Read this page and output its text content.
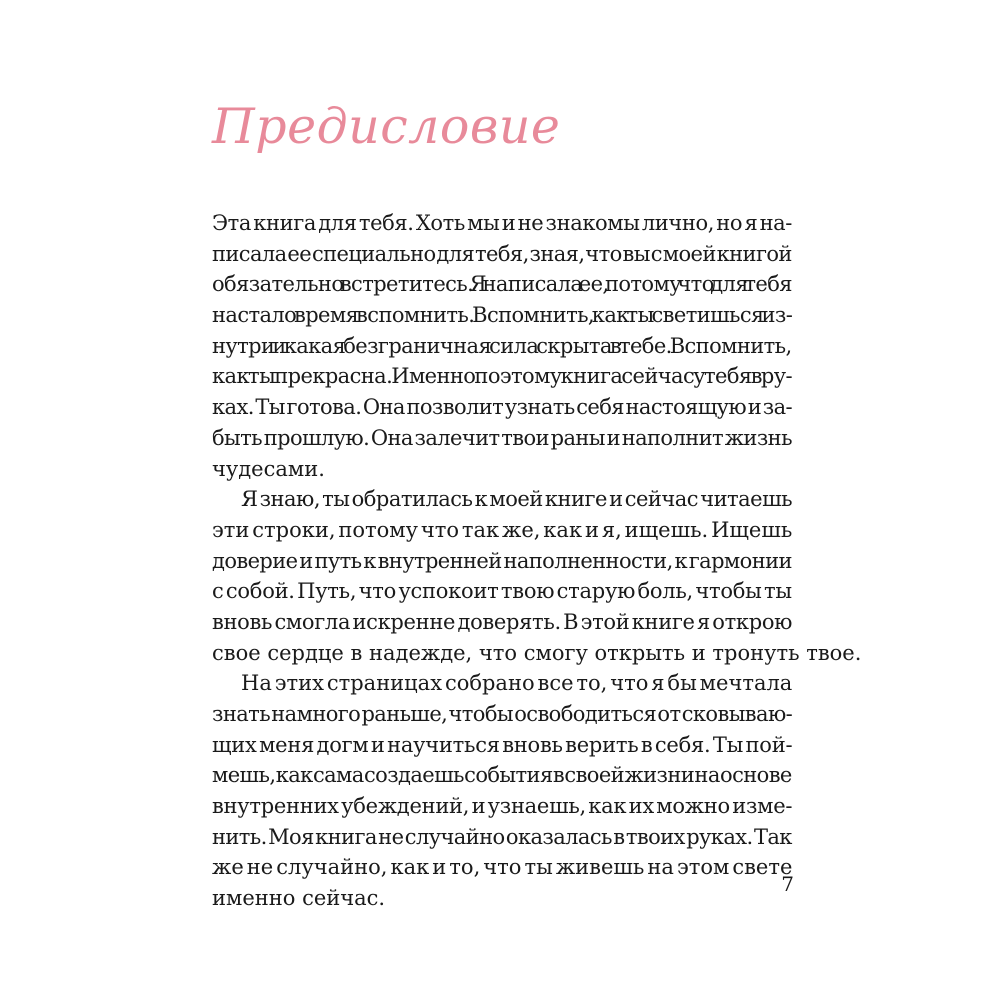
Предисловие
Эта книга для тебя. Хоть мы и не знакомы лично, но я на-
писала ее специально для тебя, зная, что вы с моей книгой
обязательно встретитесь. Я написала ее, потому что для тебя
настало время вспомнить. Вспомнить, как ты светишься из-
нутри и какая безграничная сила скрыта в тебе. Вспомнить,
как ты прекрасна. Именно поэтому книга сейчас у тебя в ру-
ках. Ты готова. Она позволит узнать себя настоящую и за-
быть прошлую. Она залечит твои раны и наполнит жизнь
чудесами.
Я знаю, ты обратилась к моей книге и сейчас читаешь
эти строки, потому что так же, как и я, ищешь. Ищешь
доверие и путь к внутренней наполненности, к гармонии
с собой. Путь, что успокоит твою старую боль, чтобы ты
вновь смогла искренне доверять. В этой книге я открою
свое сердце в надежде, что смогу открыть и тронуть твое.
На этих страницах собрано все то, что я бы мечтала
знать намного раньше, чтобы освободиться от сковываю-
щих меня догм и научиться вновь верить в себя. Ты пой-
мешь, как сама создаешь события в своей жизни на основе
внутренних убеждений, и узнаешь, как их можно изме-
нить. Моя книга не случайно оказалась в твоих руках. Так
же не случайно, как и то, что ты живешь на этом свете
именно сейчас.
7
